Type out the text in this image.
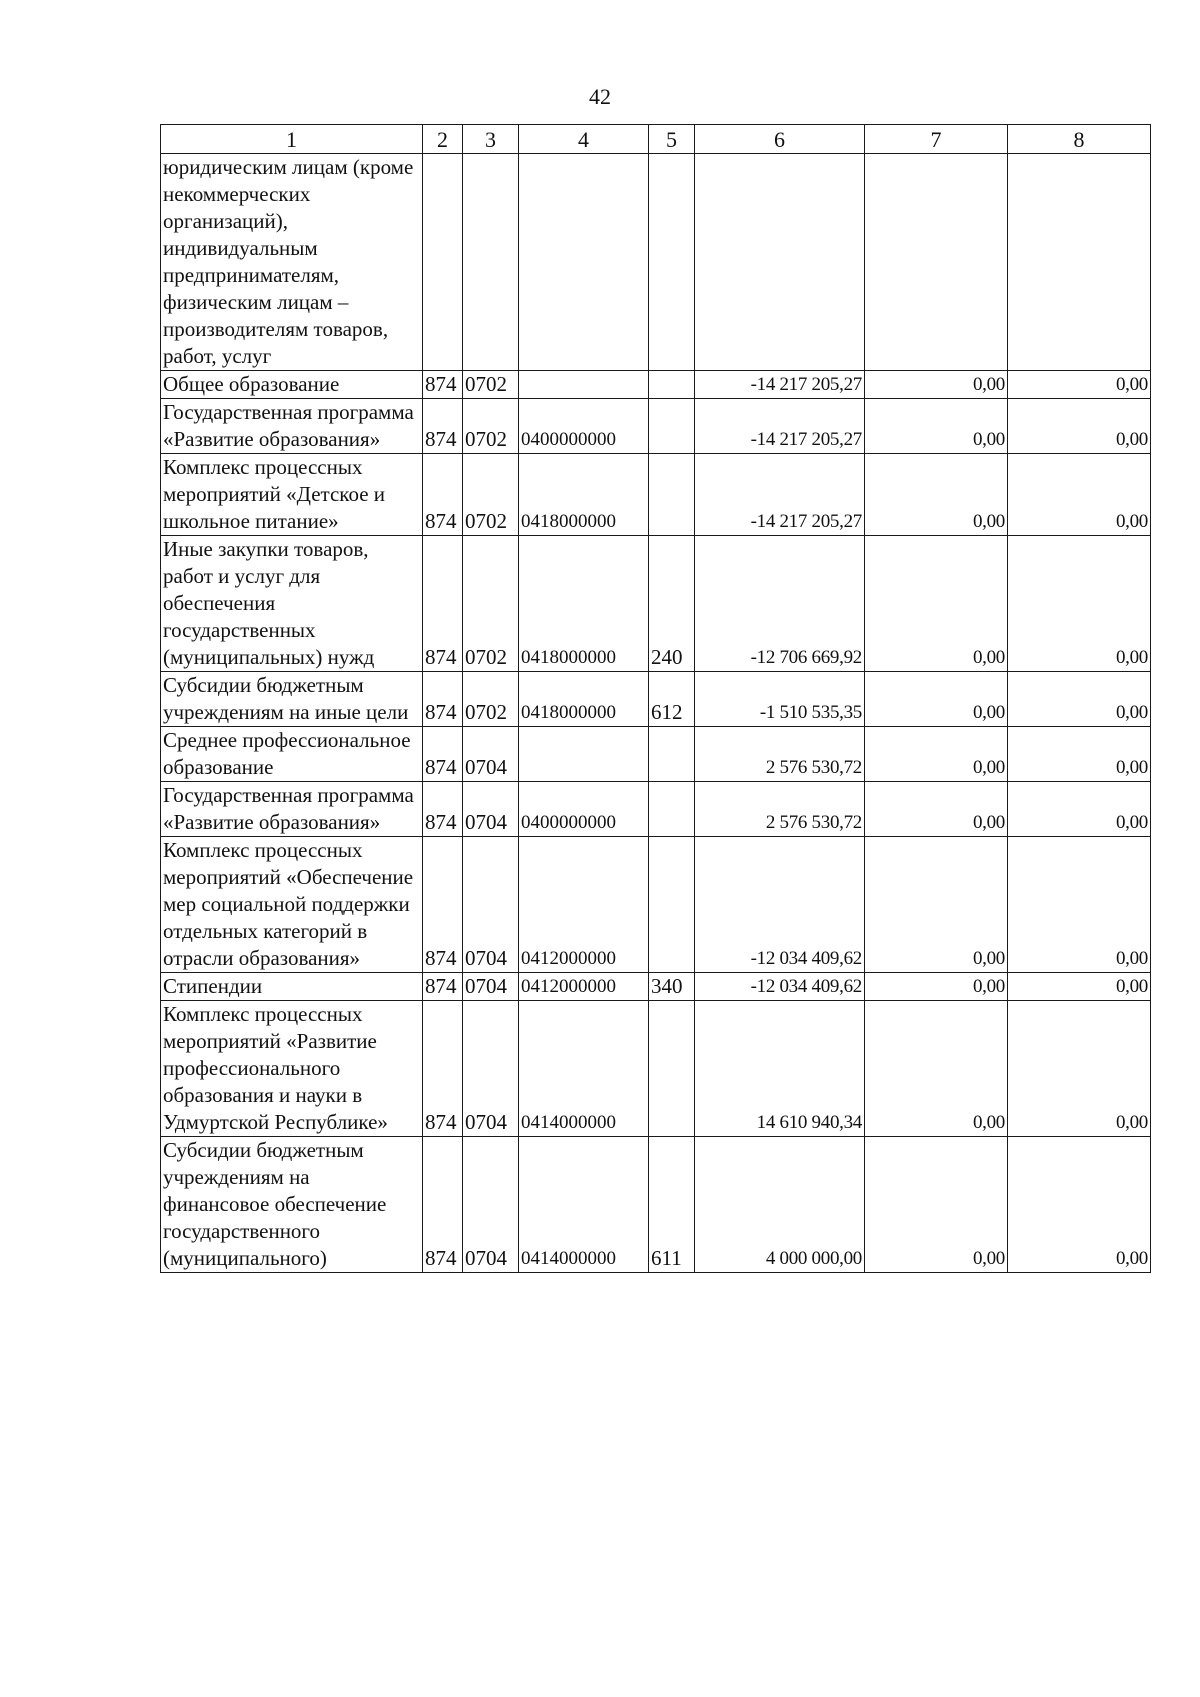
42
1	2	3	4	5	6	7	8
юридическим лицам (кроме некоммерческих организаций), индивидуальным предпринимателям, физическим лицам – производителям товаров, работ, услуг							
Общее образование	874	0702			-14 217 205,27	0,00	0,00
Государственная программа «Развитие образования»	874	0702	0400000000		-14 217 205,27	0,00	0,00
Комплекс процессных мероприятий «Детское и школьное питание»	874	0702	0418000000		-14 217 205,27	0,00	0,00
Иные закупки товаров, работ и услуг для обеспечения государственных (муниципальных) нужд	874	0702	0418000000	240	-12 706 669,92	0,00	0,00
Субсидии бюджетным учреждениям на иные цели	874	0702	0418000000	612	-1 510 535,35	0,00	0,00
Среднее профессиональное образование	874	0704			2 576 530,72	0,00	0,00
Государственная программа «Развитие образования»	874	0704	0400000000		2 576 530,72	0,00	0,00
Комплекс процессных мероприятий «Обеспечение мер социальной поддержки отдельных категорий в отрасли образования»	874	0704	0412000000		-12 034 409,62	0,00	0,00
Стипендии	874	0704	0412000000	340	-12 034 409,62	0,00	0,00
Комплекс процессных мероприятий «Развитие профессионального образования и науки в Удмуртской Республике»	874	0704	0414000000		14 610 940,34	0,00	0,00
Субсидии бюджетным учреждениям на финансовое обеспечение государственного (муниципального)	874	0704	0414000000	611	4 000 000,00	0,00	0,00
